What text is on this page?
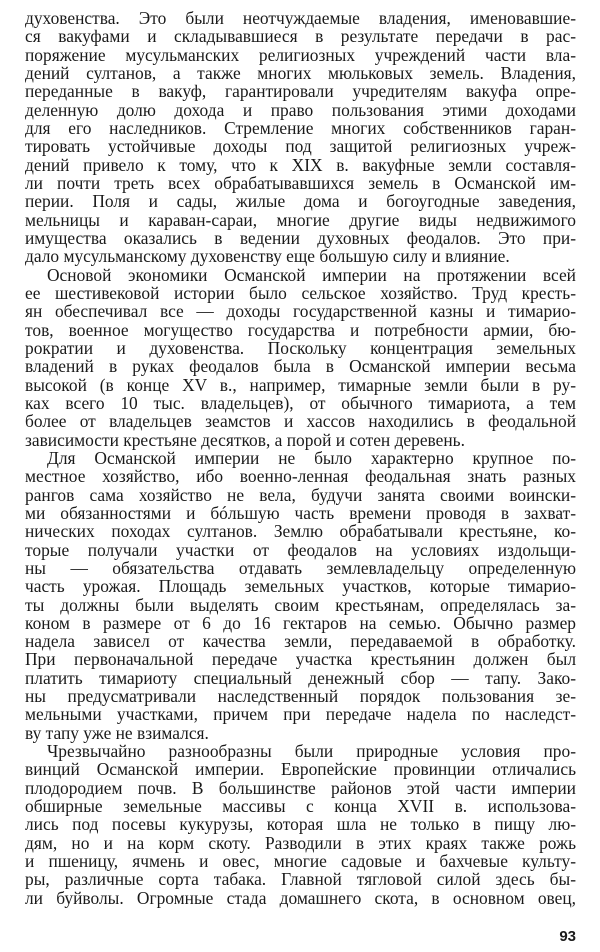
духовенства. Это были неотчуждаемые владения, именовавшие-
ся вакуфами и складывавшиеся в результате передачи в рас-
поряжение мусульманских религиозных учреждений части вла-
дений султанов, а также многих мюльковых земель. Владения,
переданные в вакуф, гарантировали учредителям вакуфа опре-
деленную долю дохода и право пользования этими доходами
для его наследников. Стремление многих собственников гаран-
тировать устойчивые доходы под защитой религиозных учреж-
дений привело к тому, что к XIX в. вакуфные земли составля-
ли почти треть всех обрабатывавшихся земель в Османской им-
перии. Поля и сады, жилые дома и богоугодные заведения,
мельницы и караван-сараи, многие другие виды недвижимого
имущества оказались в ведении духовных феодалов. Это при-
дало мусульманскому духовенству еще большую силу и влияние.
Основой экономики Османской империи на протяжении всей
ее шестивековой истории было сельское хозяйство. Труд кресть-
ян обеспечивал все — доходы государственной казны и тимарио-
тов, военное могущество государства и потребности армии, бю-
рократии и духовенства. Поскольку концентрация земельных
владений в руках феодалов была в Османской империи весьма
высокой (в конце XV в., например, тимарные земли были в ру-
ках всего 10 тыс. владельцев), от обычного тимариота, а тем
более от владельцев зеамстов и хассов находились в феодальной
зависимости крестьяне десятков, а порой и сотен деревень.
Для Османской империи не было характерно крупное по-
местное хозяйство, ибо военно-ленная феодальная знать разных
рангов сама хозяйство не вела, будучи занята своими воински-
ми обязанностями и бóльшую часть времени проводя в захват-
нических походах султанов. Землю обрабатывали крестьяне, ко-
торые получали участки от феодалов на условиях издольщи-
ны — обязательства отдавать землевладельцу определенную
часть урожая. Площадь земельных участков, которые тимарио-
ты должны были выделять своим крестьянам, определялась за-
коном в размере от 6 до 16 гектаров на семью. Обычно размер
надела зависел от качества земли, передаваемой в обработку.
При первоначальной передаче участка крестьянин должен был
платить тимариоту специальный денежный сбор — тапу. Зако-
ны предусматривали наследственный порядок пользования зе-
мельными участками, причем при передаче надела по наследст-
ву тапу уже не взимался.
Чрезвычайно разнообразны были природные условия про-
винций Османской империи. Европейские провинции отличались
плодородием почв. В большинстве районов этой части империи
обширные земельные массивы с конца XVII в. использова-
лись под посевы кукурузы, которая шла не только в пищу лю-
дям, но и на корм скоту. Разводили в этих краях также рожь
и пшеницу, ячмень и овес, многие садовые и бахчевые культу-
ры, различные сорта табака. Главной тягловой силой здесь бы-
ли буйволы. Огромные стада домашнего скота, в основном овец,
93
